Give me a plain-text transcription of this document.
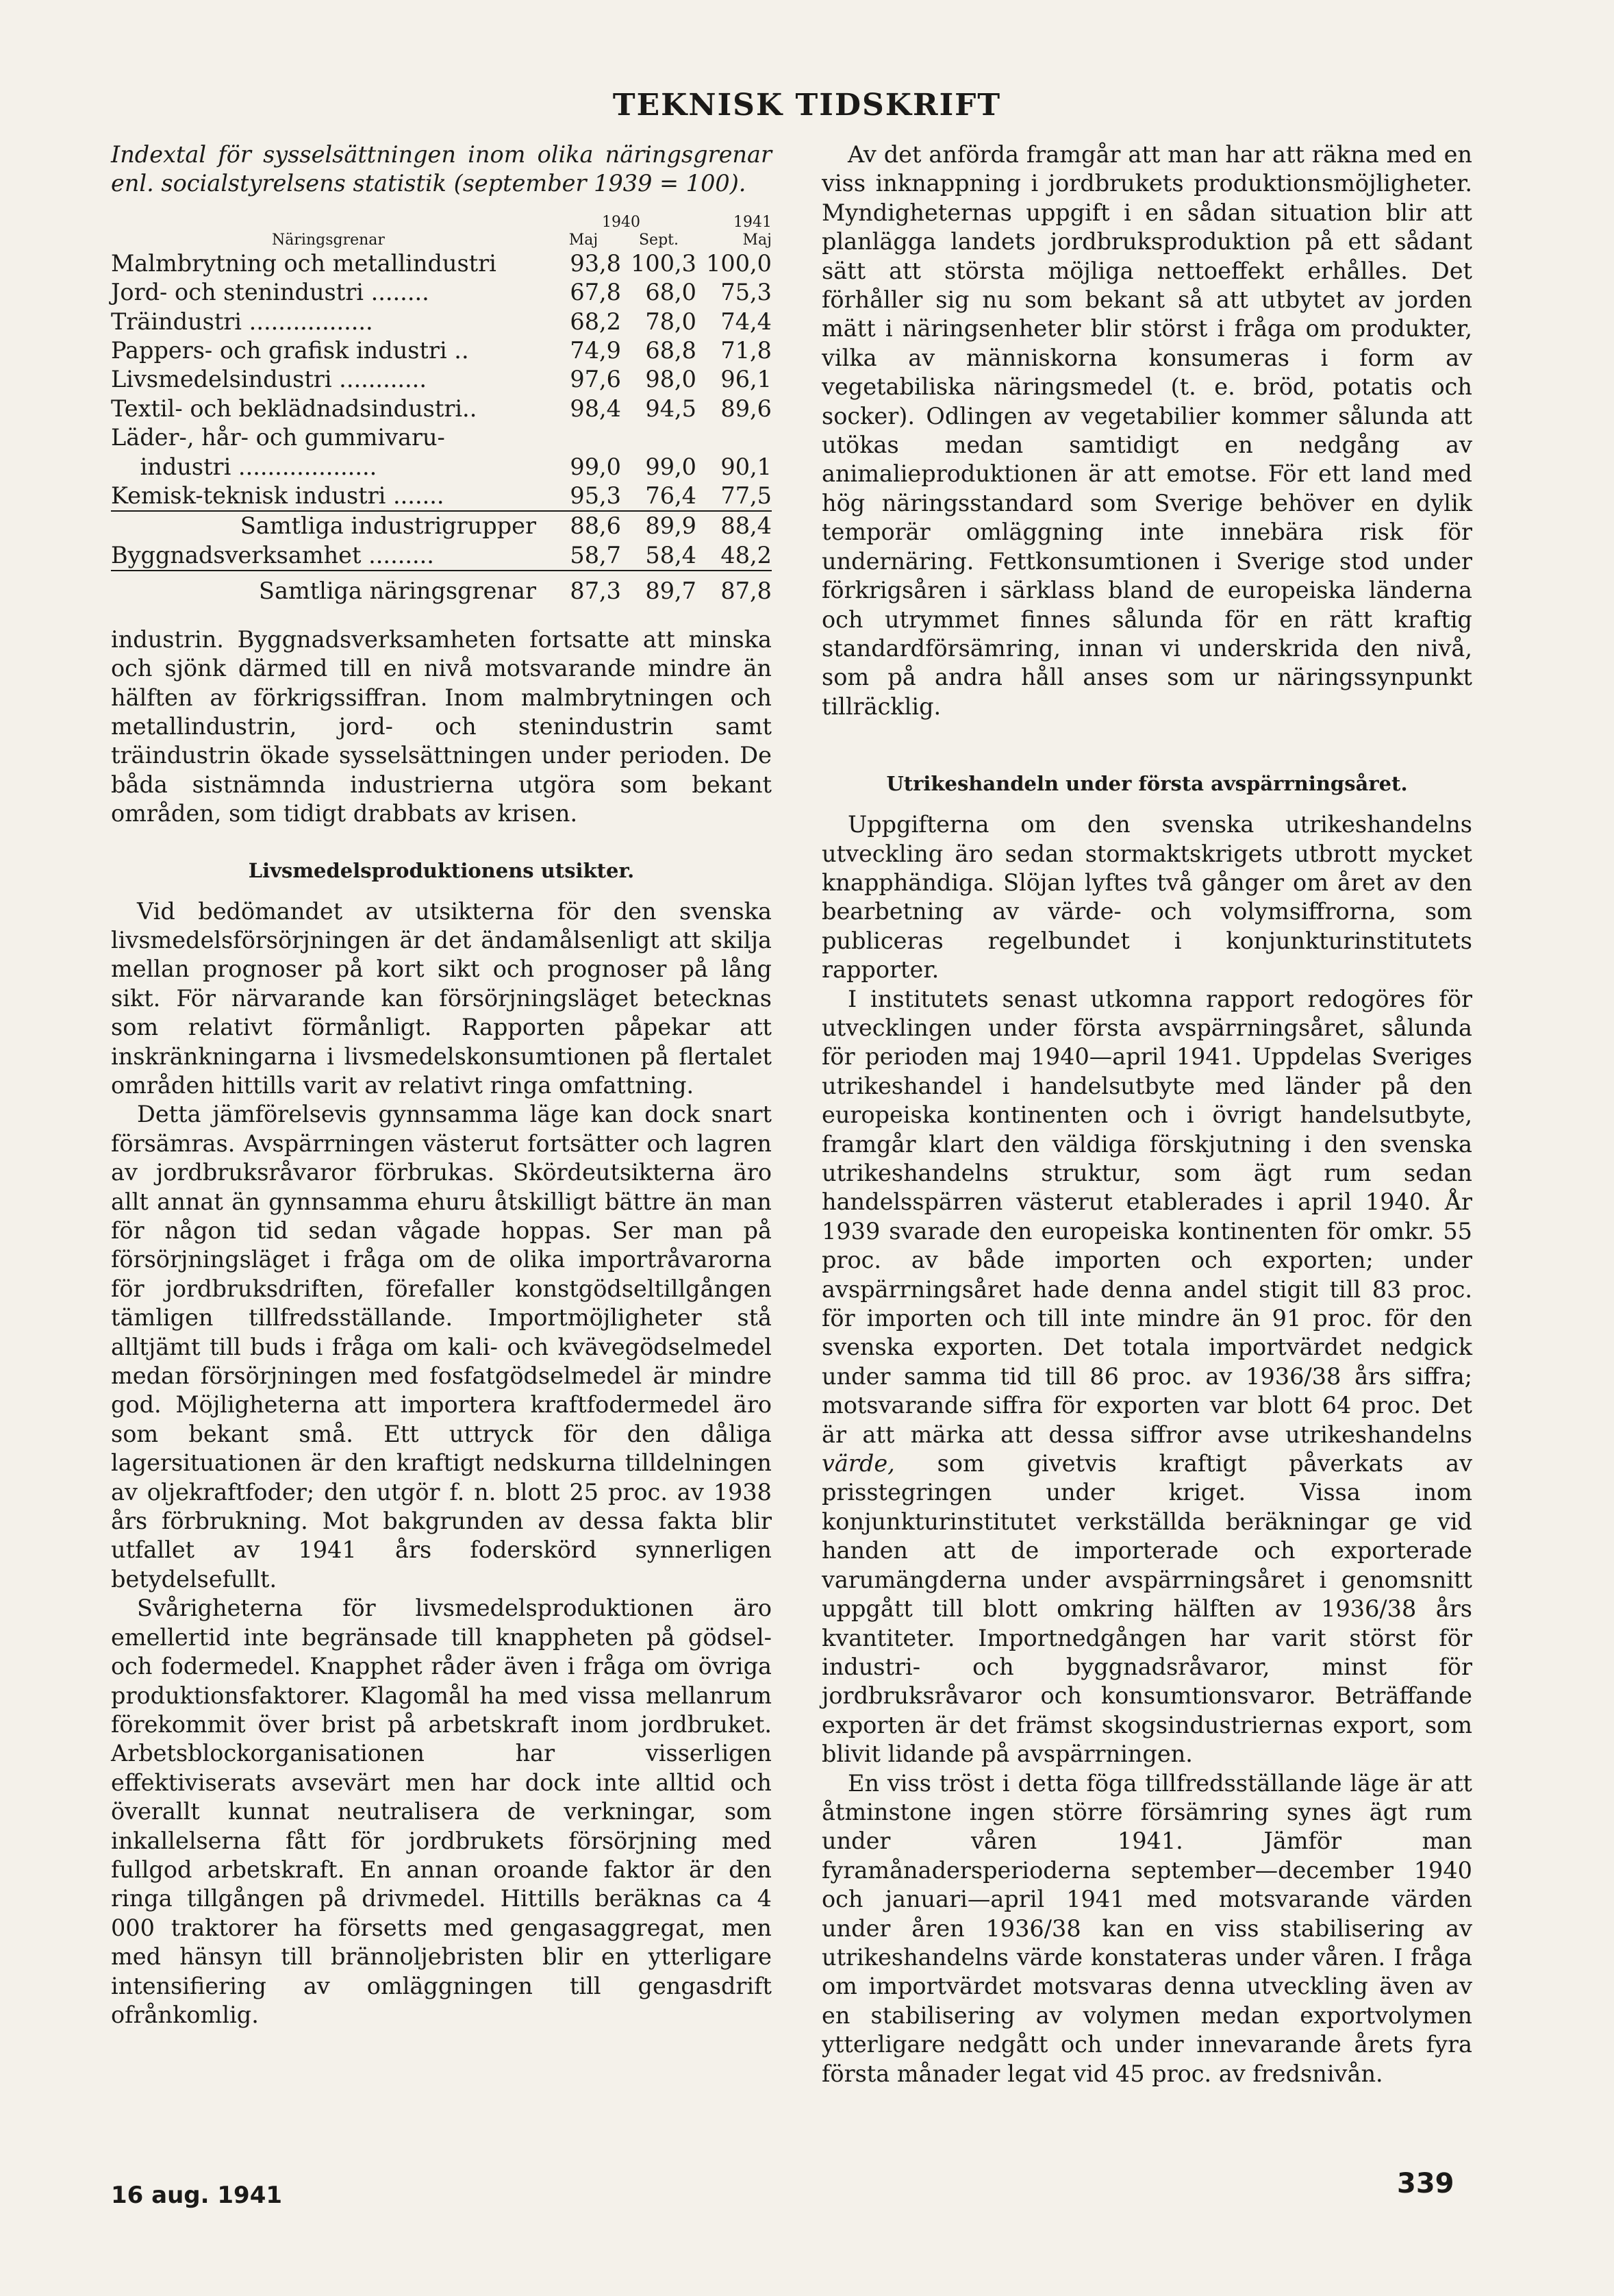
TEKNISK TIDSKRIFT

Indextal för sysselsättningen inom olika näringsgrenar enl. socialstyrelsens statistik (september 1939 = 100).

	1940		1941
Näringsgrenar	Maj	Sept.	Maj
Malmbrytning och metallindustri	93,8	100,3	100,0
Jord- och stenindustri ........	67,8	68,0	75,3
Träindustri .................	68,2	78,0	74,4
Pappers- och grafisk industri ..	74,9	68,8	71,8
Livsmedelsindustri ............	97,6	98,0	96,1
Textil- och beklädnadsindustri..	98,4	94,5	89,6
Läder-, hår- och gummivaru-			
industri ...................	99,0	99,0	90,1
Kemisk-teknisk industri .......	95,3	76,4	77,5
Samtliga industrigrupper	88,6	89,9	88,4
Byggnadsverksamhet .........	58,7	58,4	48,2
Samtliga näringsgrenar	87,3	89,7	87,8

industrin. Byggnadsverksamheten fortsatte att minska och sjönk därmed till en nivå motsvarande mindre än hälften av förkrigssiffran. Inom malmbrytningen och metallindustrin, jord- och stenindustrin samt träindustrin ökade sysselsättningen under perioden. De båda sistnämnda industrierna utgöra som bekant områden, som tidigt drabbats av krisen.

Livsmedelsproduktionens utsikter.

Vid bedömandet av utsikterna för den svenska livsmedelsförsörjningen är det ändamålsenligt att skilja mellan prognoser på kort sikt och prognoser på lång sikt. För närvarande kan försörjningsläget betecknas som relativt förmånligt. Rapporten påpekar att inskränkningarna i livsmedelskonsumtionen på flertalet områden hittills varit av relativt ringa omfattning.

Detta jämförelsevis gynnsamma läge kan dock snart försämras. Avspärrningen västerut fortsätter och lagren av jordbruksråvaror förbrukas. Skördeutsikterna äro allt annat än gynnsamma ehuru åtskilligt bättre än man för någon tid sedan vågade hoppas. Ser man på försörjningsläget i fråga om de olika importråvarorna för jordbruksdriften, förefaller konstgödseltillgången tämligen tillfredsställande. Importmöjligheter stå alltjämt till buds i fråga om kali- och kvävegödselmedel medan försörjningen med fosfatgödselmedel är mindre god. Möjligheterna att importera kraftfodermedel äro som bekant små. Ett uttryck för den dåliga lagersituationen är den kraftigt nedskurna tilldelningen av oljekraftfoder; den utgör f. n. blott 25 proc. av 1938 års förbrukning. Mot bakgrunden av dessa fakta blir utfallet av 1941 års foderskörd synnerligen betydelsefullt.

Svårigheterna för livsmedelsproduktionen äro emellertid inte begränsade till knappheten på gödsel- och fodermedel. Knapphet råder även i fråga om övriga produktionsfaktorer. Klagomål ha med vissa mellanrum förekommit över brist på arbetskraft inom jordbruket. Arbetsblockorganisationen har visserligen effektiviserats avsevärt men har dock inte alltid och överallt kunnat neutralisera de verkningar, som inkallelserna fått för jordbrukets försörjning med fullgod arbetskraft. En annan oroande faktor är den ringa tillgången på drivmedel. Hittills beräknas ca 4 000 traktorer ha försetts med gengasaggregat, men med hänsyn till brännoljebristen blir en ytterligare intensifiering av omläggningen till gengasdrift ofrånkomlig.

Av det anförda framgår att man har att räkna med en viss inknappning i jordbrukets produktionsmöjligheter. Myndigheternas uppgift i en sådan situation blir att planlägga landets jordbruksproduktion på ett sådant sätt att största möjliga nettoeffekt erhålles. Det förhåller sig nu som bekant så att utbytet av jorden mätt i näringsenheter blir störst i fråga om produkter, vilka av människorna konsumeras i form av vegetabiliska näringsmedel (t. e. bröd, potatis och socker). Odlingen av vegetabilier kommer sålunda att utökas medan samtidigt en nedgång av animalieproduktionen är att emotse. För ett land med hög näringsstandard som Sverige behöver en dylik temporär omläggning inte innebära risk för undernäring. Fettkonsumtionen i Sverige stod under förkrigsåren i särklass bland de europeiska länderna och utrymmet finnes sålunda för en rätt kraftig standardförsämring, innan vi underskrida den nivå, som på andra håll anses som ur näringssynpunkt tillräcklig.

Utrikeshandeln under första avspärrningsåret.

Uppgifterna om den svenska utrikeshandelns utveckling äro sedan stormaktskrigets utbrott mycket knapphändiga. Slöjan lyftes två gånger om året av den bearbetning av värde- och volymsiffrorna, som publiceras regelbundet i konjunkturinstitutets rapporter.

I institutets senast utkomna rapport redogöres för utvecklingen under första avspärrningsåret, sålunda för perioden maj 1940—april 1941. Uppdelas Sveriges utrikeshandel i handelsutbyte med länder på den europeiska kontinenten och i övrigt handelsutbyte, framgår klart den väldiga förskjutning i den svenska utrikeshandelns struktur, som ägt rum sedan handelsspärren västerut etablerades i april 1940. År 1939 svarade den europeiska kontinenten för omkr. 55 proc. av både importen och exporten; under avspärrningsåret hade denna andel stigit till 83 proc. för importen och till inte mindre än 91 proc. för den svenska exporten. Det totala importvärdet nedgick under samma tid till 86 proc. av 1936/38 års siffra; motsvarande siffra för exporten var blott 64 proc. Det är att märka att dessa siffror avse utrikeshandelns värde, som givetvis kraftigt påverkats av prisstegringen under kriget. Vissa inom konjunkturinstitutet verkställda beräkningar ge vid handen att de importerade och exporterade varumängderna under avspärrningsåret i genomsnitt uppgått till blott omkring hälften av 1936/38 års kvantiteter. Importnedgången har varit störst för industri- och byggnadsråvaror, minst för jordbruksråvaror och konsumtionsvaror. Beträffande exporten är det främst skogsindustriernas export, som blivit lidande på avspärrningen.

En viss tröst i detta föga tillfredsställande läge är att åtminstone ingen större försämring synes ägt rum under våren 1941. Jämför man fyramånadersperioderna september—december 1940 och januari—april 1941 med motsvarande värden under åren 1936/38 kan en viss stabilisering av utrikeshandelns värde konstateras under våren. I fråga om importvärdet motsvaras denna utveckling även av en stabilisering av volymen medan exportvolymen ytterligare nedgått och under innevarande årets fyra första månader legat vid 45 proc. av fredsnivån.

16 aug. 1941	339
